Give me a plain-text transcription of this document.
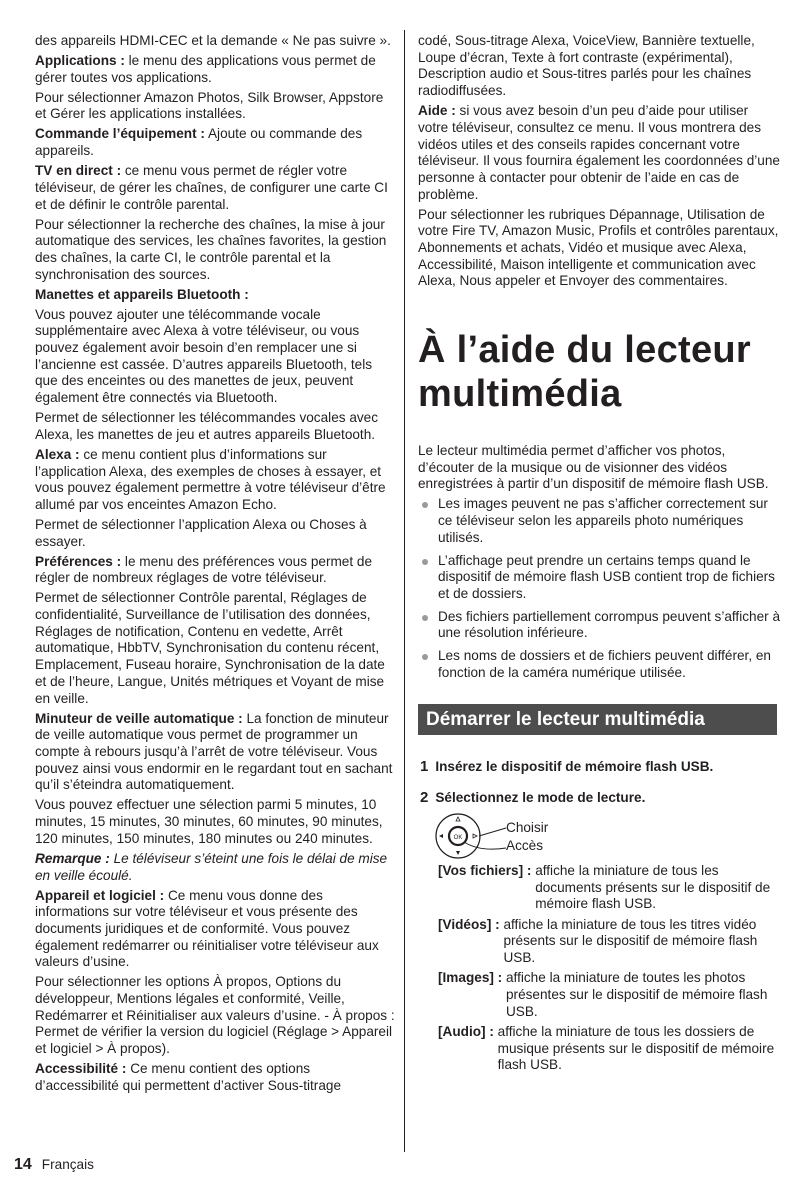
des appareils HDMI-CEC et la demande « Ne pas suivre ».

Applications : le menu des applications vous permet de gérer toutes vos applications.

Pour sélectionner Amazon Photos, Silk Browser, Appstore et Gérer les applications installées.

Commande l’équipement : Ajoute ou commande des appareils.

TV en direct : ce menu vous permet de régler votre téléviseur, de gérer les chaînes, de configurer une carte CI et de définir le contrôle parental.

Pour sélectionner la recherche des chaînes, la mise à jour automatique des services, les chaînes favorites, la gestion des chaînes, la carte CI, le contrôle parental et la synchronisation des sources.

Manettes et appareils Bluetooth :

Vous pouvez ajouter une télécommande vocale supplémentaire avec Alexa à votre téléviseur, ou vous pouvez également avoir besoin d’en remplacer une si l’ancienne est cassée. D’autres appareils Bluetooth, tels que des enceintes ou des manettes de jeux, peuvent également être connectés via Bluetooth.

Permet de sélectionner les télécommandes vocales avec Alexa, les manettes de jeu et autres appareils Bluetooth.

Alexa : ce menu contient plus d’informations sur l’application Alexa, des exemples de choses à essayer, et vous pouvez également permettre à votre téléviseur d’être allumé par vos enceintes Amazon Echo.

Permet de sélectionner l’application Alexa ou Choses à essayer.

Préférences : le menu des préférences vous permet de régler de nombreux réglages de votre téléviseur.

Permet de sélectionner Contrôle parental, Réglages de confidentialité, Surveillance de l’utilisation des données, Réglages de notification, Contenu en vedette, Arrêt automatique, HbbTV, Synchronisation du contenu récent, Emplacement, Fuseau horaire, Synchronisation de la date et de l’heure, Langue, Unités métriques et Voyant de mise en veille.

Minuteur de veille automatique : La fonction de minuteur de veille automatique vous permet de programmer un compte à rebours jusqu’à l’arrêt de votre téléviseur. Vous pouvez ainsi vous endormir en le regardant tout en sachant qu’il s’éteindra automatiquement.

Vous pouvez effectuer une sélection parmi 5 minutes, 10 minutes, 15 minutes, 30 minutes, 60 minutes, 90 minutes, 120 minutes, 150 minutes, 180 minutes ou 240 minutes.

Remarque : Le téléviseur s’éteint une fois le délai de mise en veille écoulé.

Appareil et logiciel : Ce menu vous donne des informations sur votre téléviseur et vous présente des documents juridiques et de conformité. Vous pouvez également redémarrer ou réinitialiser votre téléviseur aux valeurs d’usine.

Pour sélectionner les options À propos, Options du développeur, Mentions légales et conformité, Veille, Redémarrer et Réinitialiser aux valeurs d’usine. - À propos : Permet de vérifier la version du logiciel (Réglage > Appareil et logiciel > À propos).

Accessibilité : Ce menu contient des options d’accessibilité qui permettent d’activer Sous-titrage

codé, Sous-titrage Alexa, VoiceView, Bannière textuelle, Loupe d’écran, Texte à fort contraste (expérimental), Description audio et Sous-titres parlés pour les chaînes radiodiffusées.

Aide : si vous avez besoin d’un peu d’aide pour utiliser votre téléviseur, consultez ce menu. Il vous montrera des vidéos utiles et des conseils rapides concernant votre téléviseur. Il vous fournira également les coordonnées d’une personne à contacter pour obtenir de l’aide en cas de problème.

Pour sélectionner les rubriques Dépannage, Utilisation de votre Fire TV, Amazon Music, Profils et contrôles parentaux, Abonnements et achats, Vidéo et musique avec Alexa, Accessibilité, Maison intelligente et communication avec Alexa, Nous appeler et Envoyer des commentaires.

À l’aide du lecteur multimédia

Le lecteur multimédia permet d’afficher vos photos, d’écouter de la musique ou de visionner des vidéos enregistrées à partir d’un dispositif de mémoire flash USB.

Les images peuvent ne pas s’afficher correctement sur ce téléviseur selon les appareils photo numériques utilisés.
L’affichage peut prendre un certains temps quand le dispositif de mémoire flash USB contient trop de fichiers et de dossiers.
Des fichiers partiellement corrompus peuvent s’afficher à une résolution inférieure.
Les noms de dossiers et de fichiers peuvent différer, en fonction de la caméra numérique utilisée.
Démarrer le lecteur multimédia
1 Insérez le dispositif de mémoire flash USB.
2 Sélectionnez le mode de lecture.
OK
Choisir
Accès
[Vos fichiers] : affiche la miniature de tous les documents présents sur le dispositif de mémoire flash USB.
[Vidéos] : affiche la miniature de tous les titres vidéo présents sur le dispositif de mémoire flash USB.
[Images] : affiche la miniature de toutes les photos présentes sur le dispositif de mémoire flash USB.
[Audio] : affiche la miniature de tous les dossiers de musique présents sur le dispositif de mémoire flash USB.
14 Français
